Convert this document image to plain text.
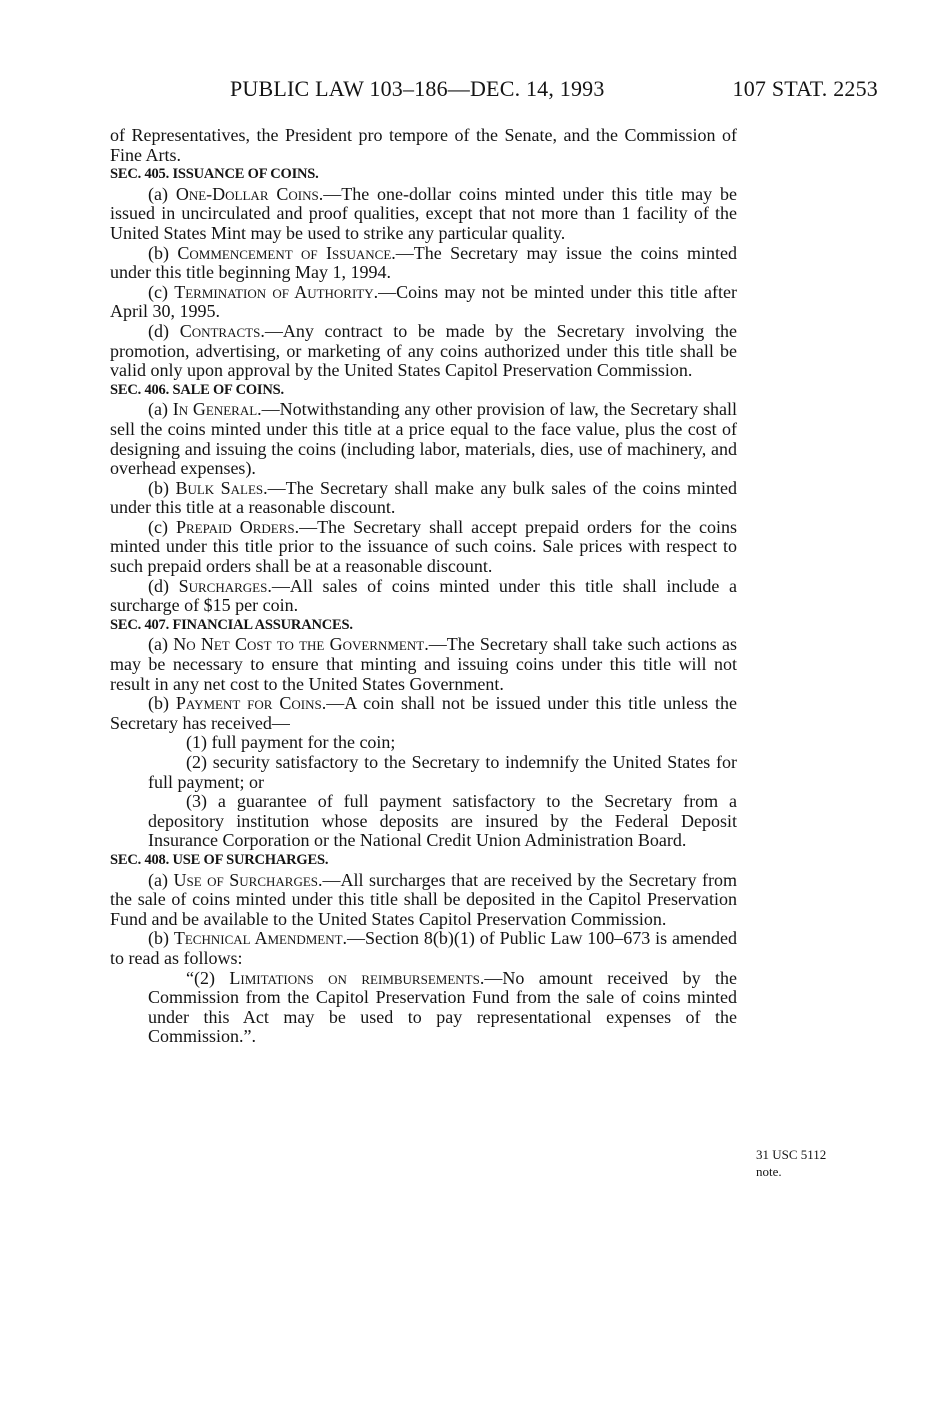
PUBLIC LAW 103–186—DEC. 14, 1993	107 STAT. 2253

of Representatives, the President pro tempore of the Senate, and the Commission of Fine Arts.

SEC. 405. ISSUANCE OF COINS.

(a) One-Dollar Coins.—The one-dollar coins minted under this title may be issued in uncirculated and proof qualities, except that not more than 1 facility of the United States Mint may be used to strike any particular quality.

(b) Commencement of Issuance.—The Secretary may issue the coins minted under this title beginning May 1, 1994.

(c) Termination of Authority.—Coins may not be minted under this title after April 30, 1995.

(d) Contracts.—Any contract to be made by the Secretary involving the promotion, advertising, or marketing of any coins authorized under this title shall be valid only upon approval by the United States Capitol Preservation Commission.

SEC. 406. SALE OF COINS.

(a) In General.—Notwithstanding any other provision of law, the Secretary shall sell the coins minted under this title at a price equal to the face value, plus the cost of designing and issuing the coins (including labor, materials, dies, use of machinery, and overhead expenses).

(b) Bulk Sales.—The Secretary shall make any bulk sales of the coins minted under this title at a reasonable discount.

(c) Prepaid Orders.—The Secretary shall accept prepaid orders for the coins minted under this title prior to the issuance of such coins. Sale prices with respect to such prepaid orders shall be at a reasonable discount.

(d) Surcharges.—All sales of coins minted under this title shall include a surcharge of $15 per coin.

SEC. 407. FINANCIAL ASSURANCES.

(a) No Net Cost to the Government.—The Secretary shall take such actions as may be necessary to ensure that minting and issuing coins under this title will not result in any net cost to the United States Government.

(b) Payment for Coins.—A coin shall not be issued under this title unless the Secretary has received—

(1) full payment for the coin;

(2) security satisfactory to the Secretary to indemnify the United States for full payment; or

(3) a guarantee of full payment satisfactory to the Secretary from a depository institution whose deposits are insured by the Federal Deposit Insurance Corporation or the National Credit Union Administration Board.

SEC. 408. USE OF SURCHARGES.

(a) Use of Surcharges.—All surcharges that are received by the Secretary from the sale of coins minted under this title shall be deposited in the Capitol Preservation Fund and be available to the United States Capitol Preservation Commission.

(b) Technical Amendment.—Section 8(b)(1) of Public Law 100–673 is amended to read as follows:

“(2) Limitations on reimbursements.—No amount received by the Commission from the Capitol Preservation Fund from the sale of coins minted under this Act may be used to pay representational expenses of the Commission.”.

31 USC 5112
note.
